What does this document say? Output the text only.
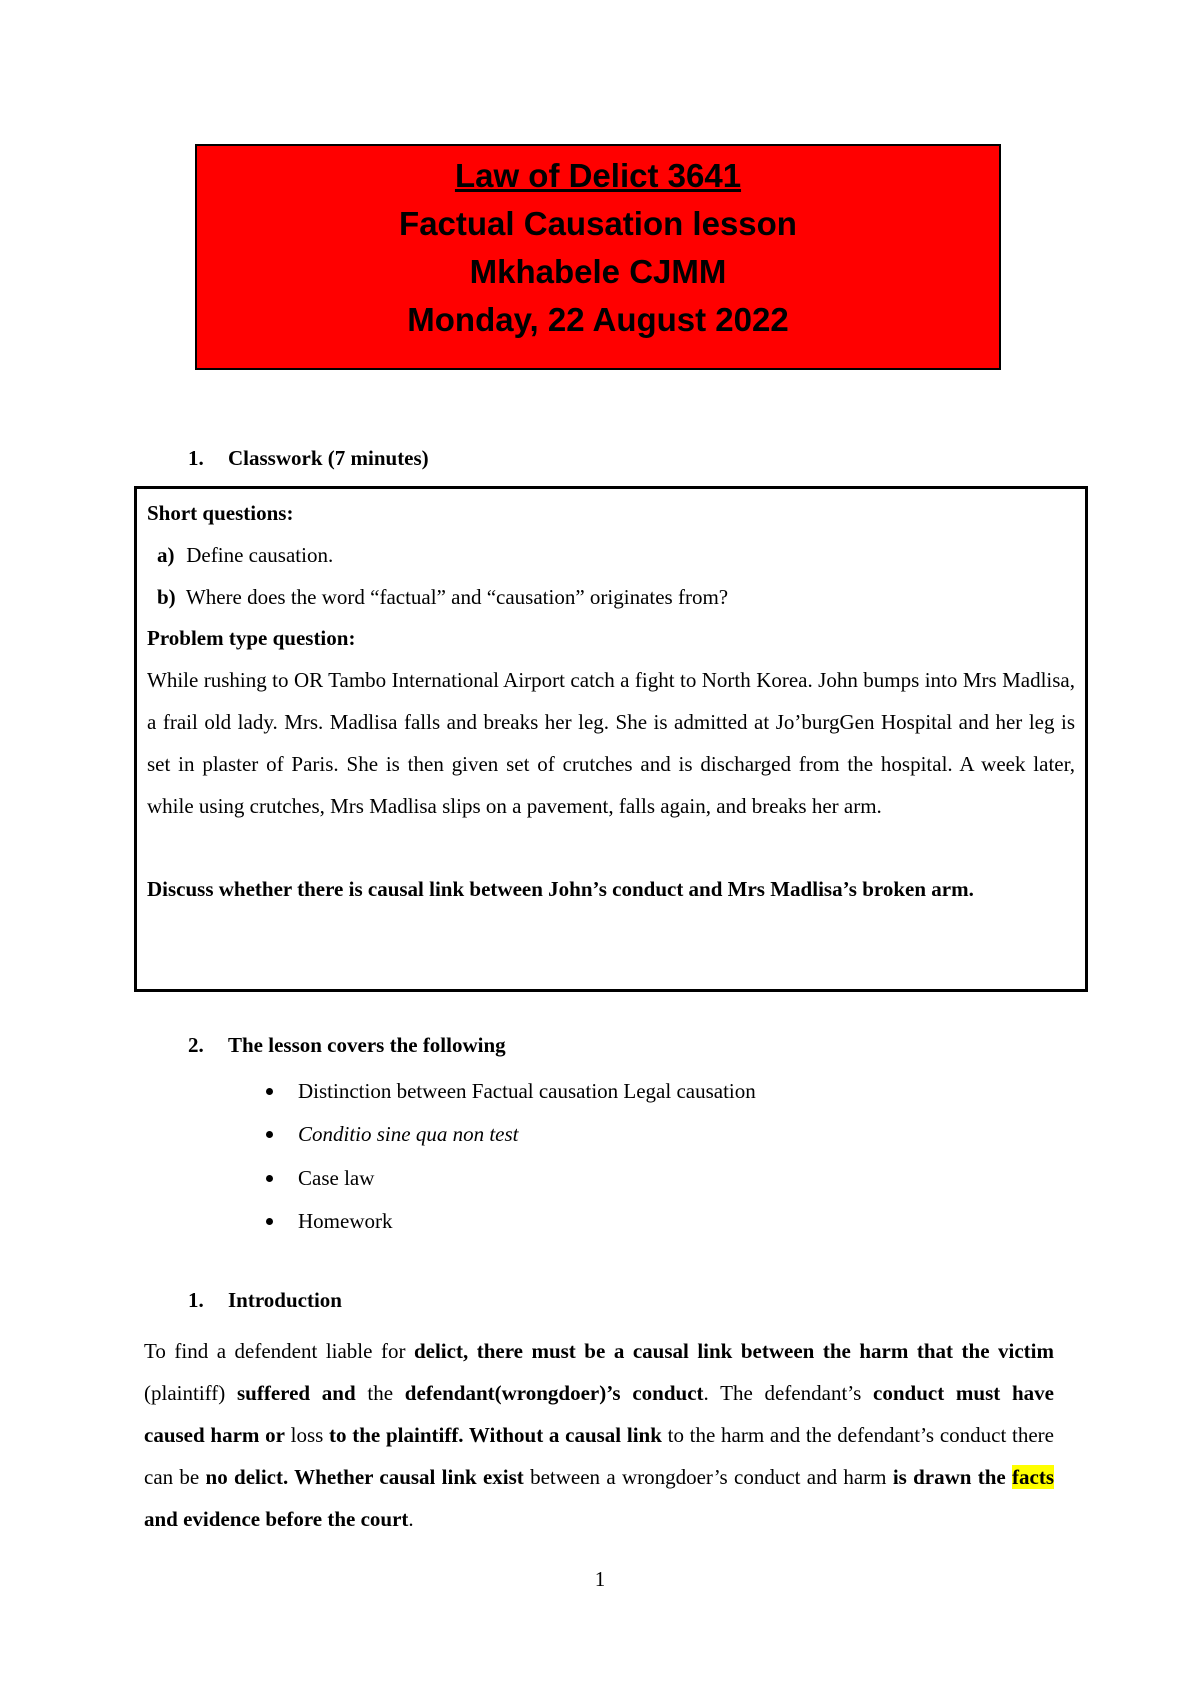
Law of Delict 3641
Factual Causation lesson
Mkhabele CJMM
Monday, 22 August 2022
1. Classwork (7 minutes)

Short questions:

a) Define causation.

b) Where does the word “factual” and “causation” originates from?

Problem type question:

While rushing to OR Tambo International Airport catch a fight to North Korea. John bumps into Mrs Madlisa, a frail old lady. Mrs. Madlisa falls and breaks her leg. She is admitted at Jo’burgGen Hospital and her leg is set in plaster of Paris. She is then given set of crutches and is discharged from the hospital. A week later, while using crutches, Mrs Madlisa slips on a pavement, falls again, and breaks her arm.

Discuss whether there is causal link between John’s conduct and Mrs Madlisa’s broken arm.

2. The lesson covers the following
Distinction between Factual causation Legal causation
Conditio sine qua non test
Case law
Homework
1. Introduction

To find a defendent liable for delict, there must be a causal link between the harm that the victim (plaintiff) suffered and the defendant(wrongdoer)’s conduct. The defendant’s conduct must have caused harm or loss to the plaintiff. Without a causal link to the harm and the defendant’s conduct there can be no delict. Whether causal link exist between a wrongdoer’s conduct and harm is drawn the facts and evidence before the court.

1
